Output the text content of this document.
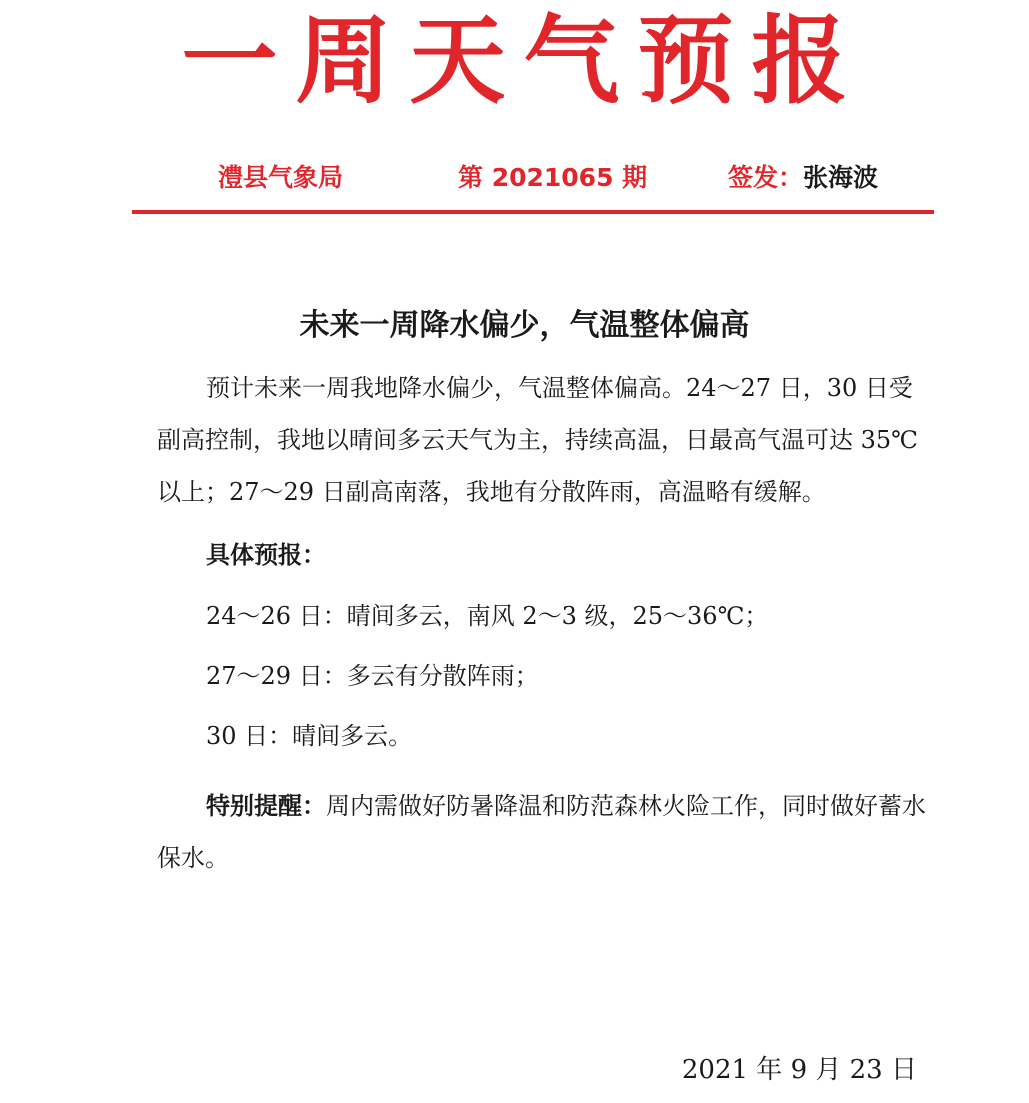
一周天气预报
澧县气象局	第 2021065 期	签发：张海波
未来一周降水偏少，气温整体偏高

预计未来一周我地降水偏少，气温整体偏高。24～27 日，30 日受副高控制，我地以晴间多云天气为主，持续高温，日最高气温可达 35℃以上；27～29 日副高南落，我地有分散阵雨，高温略有缓解。

具体预报：
24～26 日：晴间多云，南风 2～3 级，25～36℃；
27～29 日：多云有分散阵雨；
30 日：晴间多云。

特别提醒：周内需做好防暑降温和防范森林火险工作，同时做好蓄水保水。

2021 年 9 月 23 日
